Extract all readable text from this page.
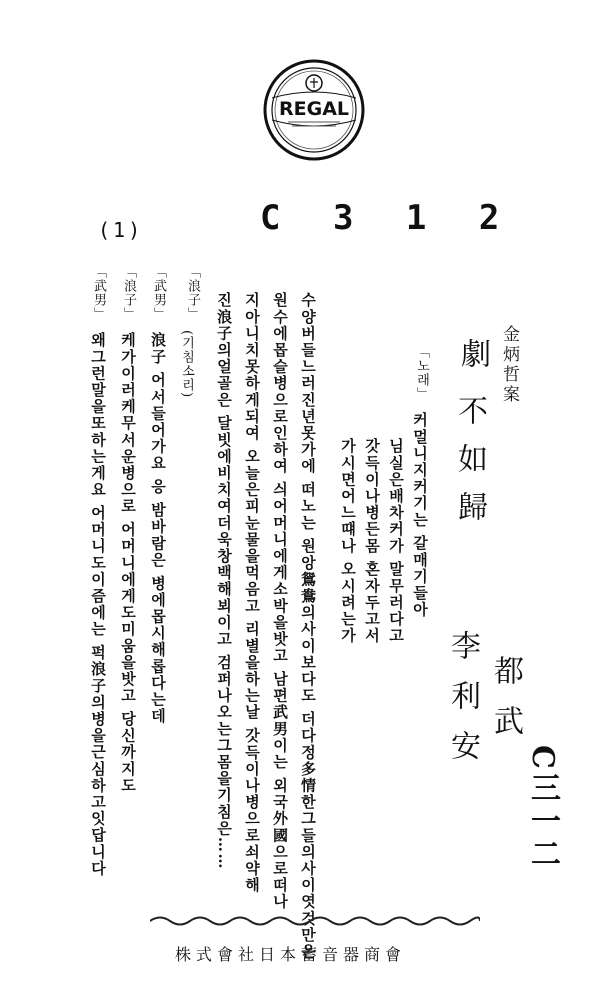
REGAL
(1)	C 3 1 2
C三一二
金炳哲案
劇
不如歸
都武
李利安
「노래」
커멀니지커기는 갈매기들아
님실은배차커가 말무러다고
갓득이나병든몸 혼자두고서
가시면어느떄나 오시려는가
수양버들느러진년못가에 떠노는 원앙鴛鴦의사이보다도 더다정多情한그들의사이엿것만은
원수에몹슬병으로인하여 싀어머니에게소박을밧고 남편武男이는 외국外國으로떠나
지아니치못하게되여 오늘은피눈물을먹음고 리별을하는날 갓득이나병으로쇠약해
진浪子의얼골은 달빗에비치여더욱창백해뵈이고 검퍼나오는그몸을기침은……
「浪子」
(기침소리)
「武男」
浪子 어서들어가요 응 밤바람은 병에몹시해롭다는데
「浪子」
케가이러케무서운병으로 어머니에게도미움을밧고 당신까지도
「武男」
왜그런말을또하는게요 어머니도이즘에는 퍽浪子의병을근심하고잇답니다
株式會社日本蓄音器商會
